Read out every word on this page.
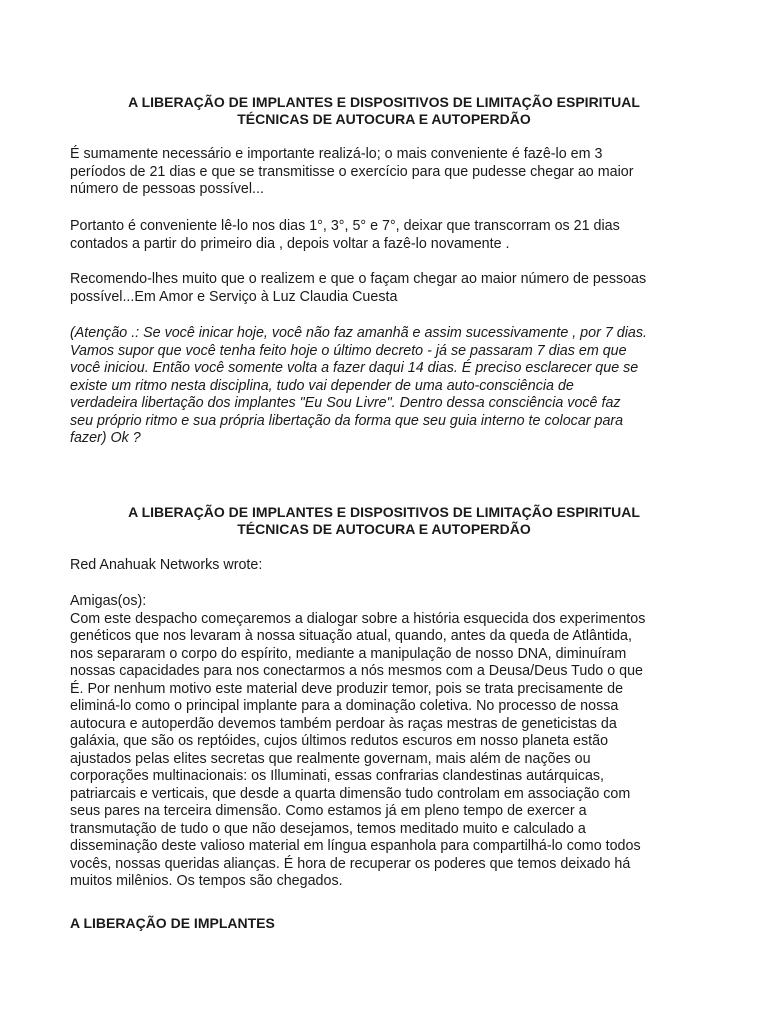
A LIBERAÇÃO DE IMPLANTES E DISPOSITIVOS DE LIMITAÇÃO ESPIRITUAL
TÉCNICAS DE AUTOCURA E AUTOPERDÃO

É sumamente necessário e importante realizá-lo; o mais conveniente é fazê-lo em 3
períodos de 21 dias e que se transmitisse o exercício para que pudesse chegar ao maior
número de pessoas possível...

Portanto é conveniente lê-lo nos dias 1°, 3°, 5° e 7°, deixar que transcorram os 21 dias
contados a partir do primeiro dia , depois voltar a fazê-lo novamente .

Recomendo-lhes muito que o realizem e que o façam chegar ao maior número de pessoas
possível...Em Amor e Serviço à Luz Claudia Cuesta

(Atenção .: Se você inicar hoje, você não faz amanhã e assim sucessivamente , por 7 dias.
Vamos supor que você tenha feito hoje o último decreto - já se passaram 7 dias em que
você iniciou. Então você somente volta a fazer daqui 14 dias. É preciso esclarecer que se
existe um ritmo nesta disciplina, tudo vai depender de uma auto-consciência de
verdadeira libertação dos implantes "Eu Sou Livre". Dentro dessa consciência você faz
seu próprio ritmo e sua própria libertação da forma que seu guia interno te colocar para
fazer) Ok ?

A LIBERAÇÃO DE IMPLANTES E DISPOSITIVOS DE LIMITAÇÃO ESPIRITUAL
TÉCNICAS DE AUTOCURA E AUTOPERDÃO

Red Anahuak Networks wrote:

Amigas(os):
Com este despacho começaremos a dialogar sobre a história esquecida dos experimentos
genéticos que nos levaram à nossa situação atual, quando, antes da queda de Atlântida,
nos separaram o corpo do espírito, mediante a manipulação de nosso DNA, diminuíram
nossas capacidades para nos conectarmos a nós mesmos com a Deusa/Deus Tudo o que
É. Por nenhum motivo este material deve produzir temor, pois se trata precisamente de
eliminá-lo como o principal implante para a dominação coletiva. No processo de nossa
autocura e autoperdão devemos também perdoar às raças mestras de geneticistas da
galáxia, que são os reptóides, cujos últimos redutos escuros em nosso planeta estão
ajustados pelas elites secretas que realmente governam, mais além de nações ou
corporações multinacionais: os Illuminati, essas confrarias clandestinas autárquicas,
patriarcais e verticais, que desde a quarta dimensão tudo controlam em associação com
seus pares na terceira dimensão. Como estamos já em pleno tempo de exercer a
transmutação de tudo o que não desejamos, temos meditado muito e calculado a
disseminação deste valioso material em língua espanhola para compartilhá-lo como todos
vocês, nossas queridas alianças. É hora de recuperar os poderes que temos deixado há
muitos milênios. Os tempos são chegados.

A LIBERAÇÃO DE IMPLANTES
